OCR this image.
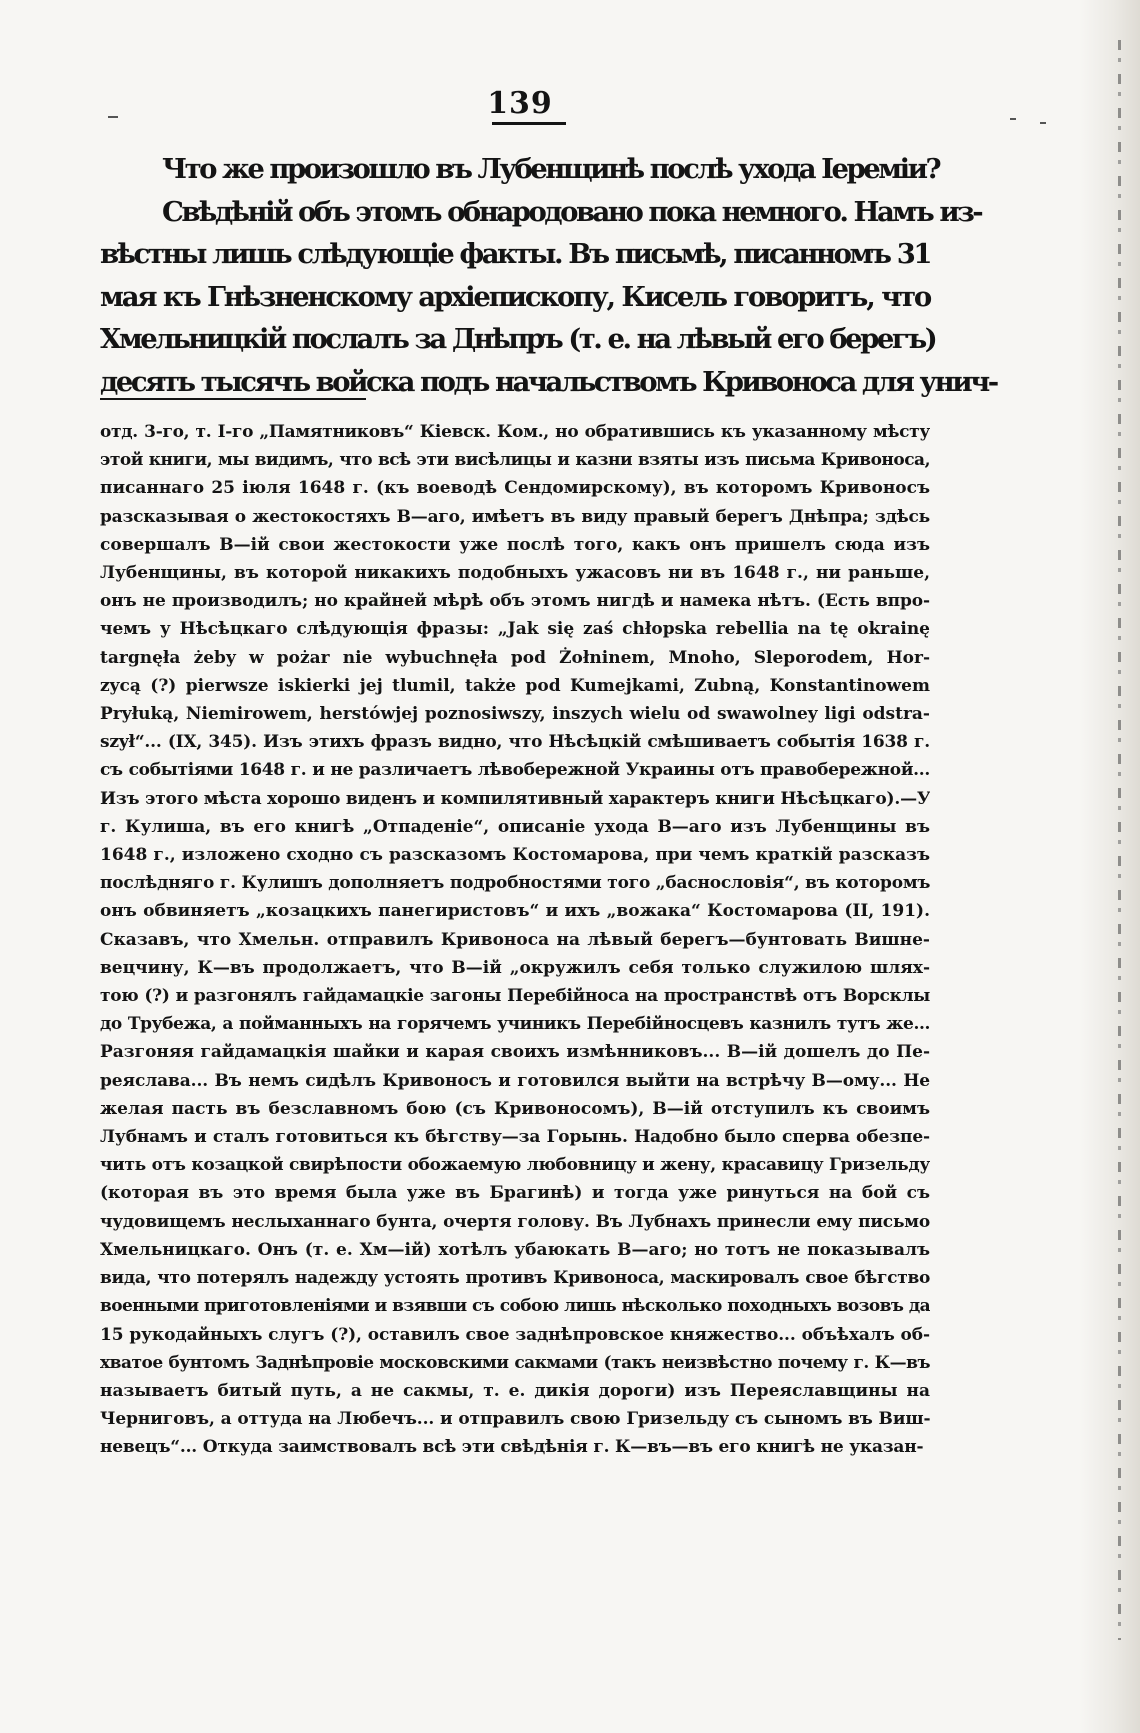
139
Что же произошло въ Лубенщинѣ послѣ ухода Іереміи?
Свѣдѣній объ этомъ обнародовано пока немного. Намъ из-
вѣстны лишь слѣдующіе факты. Въ письмѣ, писанномъ 31
мая къ Гнѣзненскому архіепископу, Кисель говоритъ, что
Хмельницкій послалъ за Днѣпръ (т. е. на лѣвый его берегъ)
десять тысячъ войска подъ начальствомъ Кривоноса для унич-
отд. 3-го, т. I-го „Памятниковъ“ Кіевск. Ком., но обратившись къ указанному мѣсту
этой книги, мы видимъ, что всѣ эти висѣлицы и казни взяты изъ письма Кривоноса,
писаннаго 25 іюля 1648 г. (къ воеводѣ Сендомирскому), въ которомъ Кривоносъ
разсказывая о жестокостяхъ В—аго, имѣетъ въ виду правый берегъ Днѣпра; здѣсь
совершалъ В—ій свои жестокости уже послѣ того, какъ онъ пришелъ сюда изъ
Лубенщины, въ которой никакихъ подобныхъ ужасовъ ни въ 1648 г., ни раньше,
онъ не производилъ; но крайней мѣрѣ объ этомъ нигдѣ и намека нѣтъ. (Есть впро-
чемъ у Нѣсѣцкаго слѣдующія фразы: „Jak się zaś chłopska rebellia na tę okrainę
targnęła żeby w pożar nie wybuchnęła pod Żołninem, Mnoho, Sleporodem, Hor-
zycą (?) pierwsze iskierki jej tlumil, także pod Kumejkami, Zubną, Konstantinowem
Pryłuką, Niemirowem, herstówjej poznosiwszy, inszych wielu od swawolney ligi odstra-
szył“... (IX, 345). Изъ этихъ фразъ видно, что Нѣсѣцкій смѣшиваетъ событія 1638 г.
съ событіями 1648 г. и не различаетъ лѣвобережной Украины отъ правобережной...
Изъ этого мѣста хорошо виденъ и компилятивный характеръ книги Нѣсѣцкаго).—У
г. Кулиша, въ его книгѣ „Отпаденіе“, описаніе ухода В—аго изъ Лубенщины въ
1648 г., изложено сходно съ разсказомъ Костомарова, при чемъ краткій разсказъ
послѣдняго г. Кулишъ дополняетъ подробностями того „баснословія“, въ которомъ
онъ обвиняетъ „козацкихъ панегиристовъ“ и ихъ „вожака“ Костомарова (II, 191).
Сказавъ, что Хмельн. отправилъ Кривоноса на лѣвый берегъ—бунтовать Вишне-
вецчину, К—въ продолжаетъ, что В—ій „окружилъ себя только служилою шлях-
тою (?) и разгонялъ гайдамацкіе загоны Перебійноса на пространствѣ отъ Ворсклы
до Трубежа, а пойманныхъ на горячемъ учиникъ Перебійносцевъ казнилъ тутъ же...
Разгоняя гайдамацкія шайки и карая своихъ измѣнниковъ... В—ій дошелъ до Пе-
реяслава... Въ немъ сидѣлъ Кривоносъ и готовился выйти на встрѣчу В—ому... Не
желая пасть въ безславномъ бою (съ Кривоносомъ), В—ій отступилъ къ своимъ
Лубнамъ и сталъ готовиться къ бѣгству—за Горынь. Надобно было сперва обезпе-
чить отъ козацкой свирѣпости обожаемую любовницу и жену, красавицу Гризельду
(которая въ это время была уже въ Брагинѣ) и тогда уже ринуться на бой съ
чудовищемъ неслыханнаго бунта, очертя голову. Въ Лубнахъ принесли ему письмо
Хмельницкаго. Онъ (т. е. Хм—ій) хотѣлъ убаюкать В—аго; но тотъ не показывалъ
вида, что потерялъ надежду устоять противъ Кривоноса, маскировалъ свое бѣгство
военными приготовленіями и взявши съ собою лишь нѣсколько походныхъ возовъ да
15 рукодайныхъ слугъ (?), оставилъ свое заднѣпровское княжество... объѣхалъ об-
хватое бунтомъ Заднѣпровіе московскими сакмами (такъ неизвѣстно почему г. К—въ
называетъ битый путь, а не сакмы, т. е. дикія дороги) изъ Переяславщины на
Черниговъ, а оттуда на Любечъ... и отправилъ свою Гризельду съ сыномъ въ Виш-
невецъ“... Откуда заимствовалъ всѣ эти свѣдѣнія г. К—въ—въ его книгѣ не указан-
